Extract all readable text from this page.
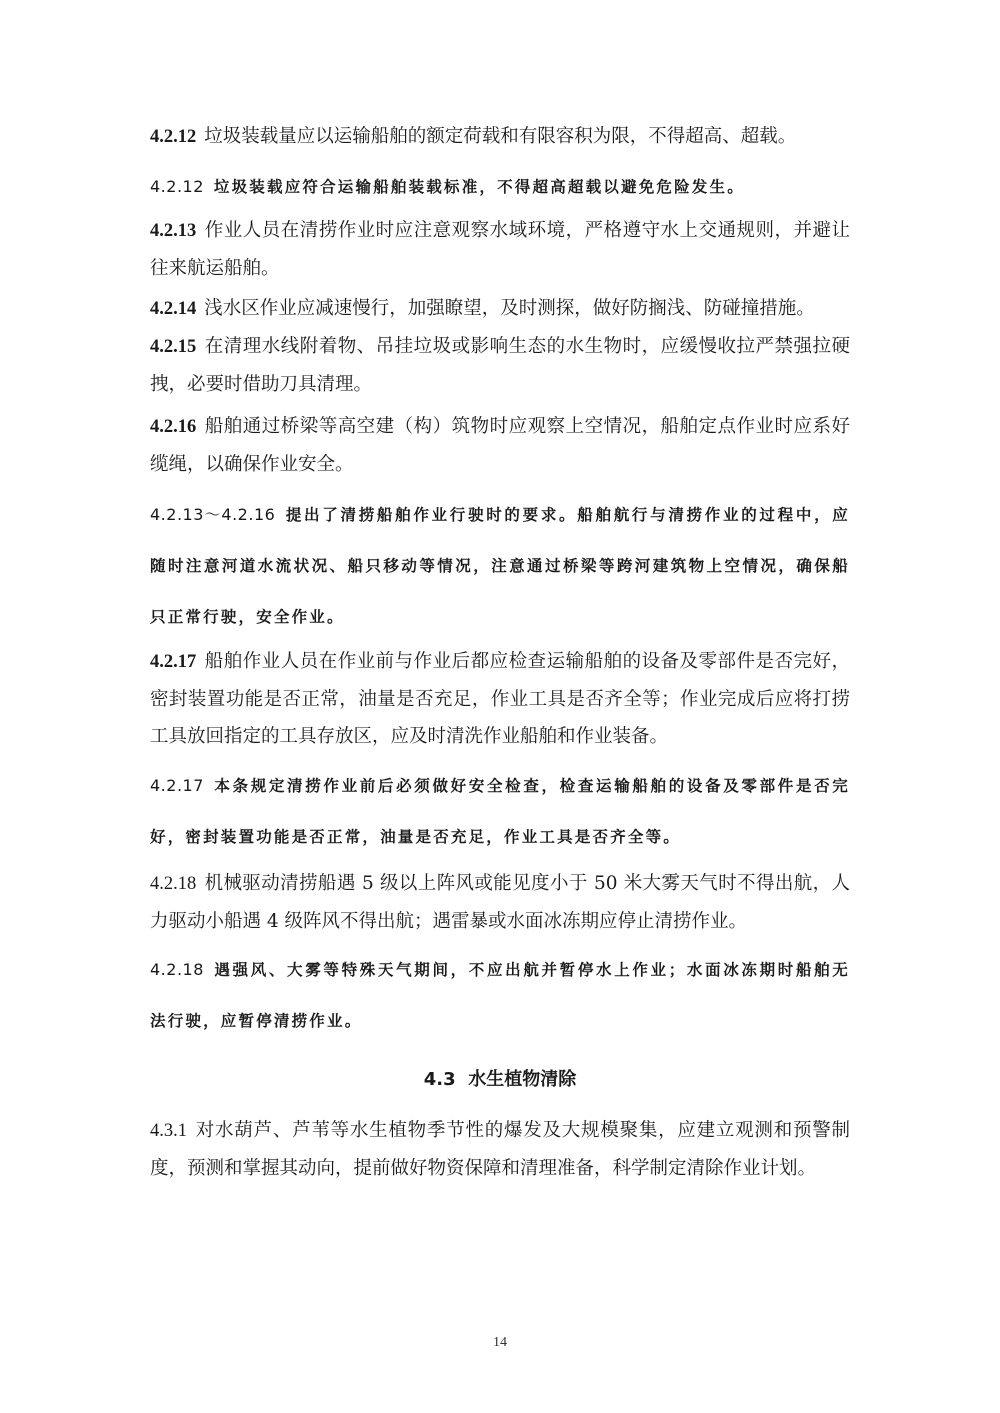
4.2.12 垃圾装载量应以运输船舶的额定荷载和有限容积为限，不得超高、超载。

4.2.12 垃圾装载应符合运输船舶装载标准，不得超高超载以避免危险发生。

4.2.13 作业人员在清捞作业时应注意观察水域环境，严格遵守水上交通规则，并避让往来航运船舶。

4.2.14 浅水区作业应减速慢行，加强瞭望，及时测探，做好防搁浅、防碰撞措施。

4.2.15 在清理水线附着物、吊挂垃圾或影响生态的水生物时，应缓慢收拉严禁强拉硬拽，必要时借助刀具清理。

4.2.16 船舶通过桥梁等高空建（构）筑物时应观察上空情况，船舶定点作业时应系好缆绳，以确保作业安全。

4.2.13～4.2.16 提出了清捞船舶作业行驶时的要求。船舶航行与清捞作业的过程中，应随时注意河道水流状况、船只移动等情况，注意通过桥梁等跨河建筑物上空情况，确保船只正常行驶，安全作业。

4.2.17 船舶作业人员在作业前与作业后都应检查运输船舶的设备及零部件是否完好，密封装置功能是否正常，油量是否充足，作业工具是否齐全等；作业完成后应将打捞工具放回指定的工具存放区，应及时清洗作业船舶和作业装备。

4.2.17 本条规定清捞作业前后必须做好安全检查，检查运输船舶的设备及零部件是否完好，密封装置功能是否正常，油量是否充足，作业工具是否齐全等。

4.2.18 机械驱动清捞船遇 5 级以上阵风或能见度小于 50 米大雾天气时不得出航，人力驱动小船遇 4 级阵风不得出航；遇雷暴或水面冰冻期应停止清捞作业。

4.2.18 遇强风、大雾等特殊天气期间，不应出航并暂停水上作业；水面冰冻期时船舶无法行驶，应暂停清捞作业。

4.3 水生植物清除

4.3.1 对水葫芦、芦苇等水生植物季节性的爆发及大规模聚集，应建立观测和预警制度，预测和掌握其动向，提前做好物资保障和清理准备，科学制定清除作业计划。

14
